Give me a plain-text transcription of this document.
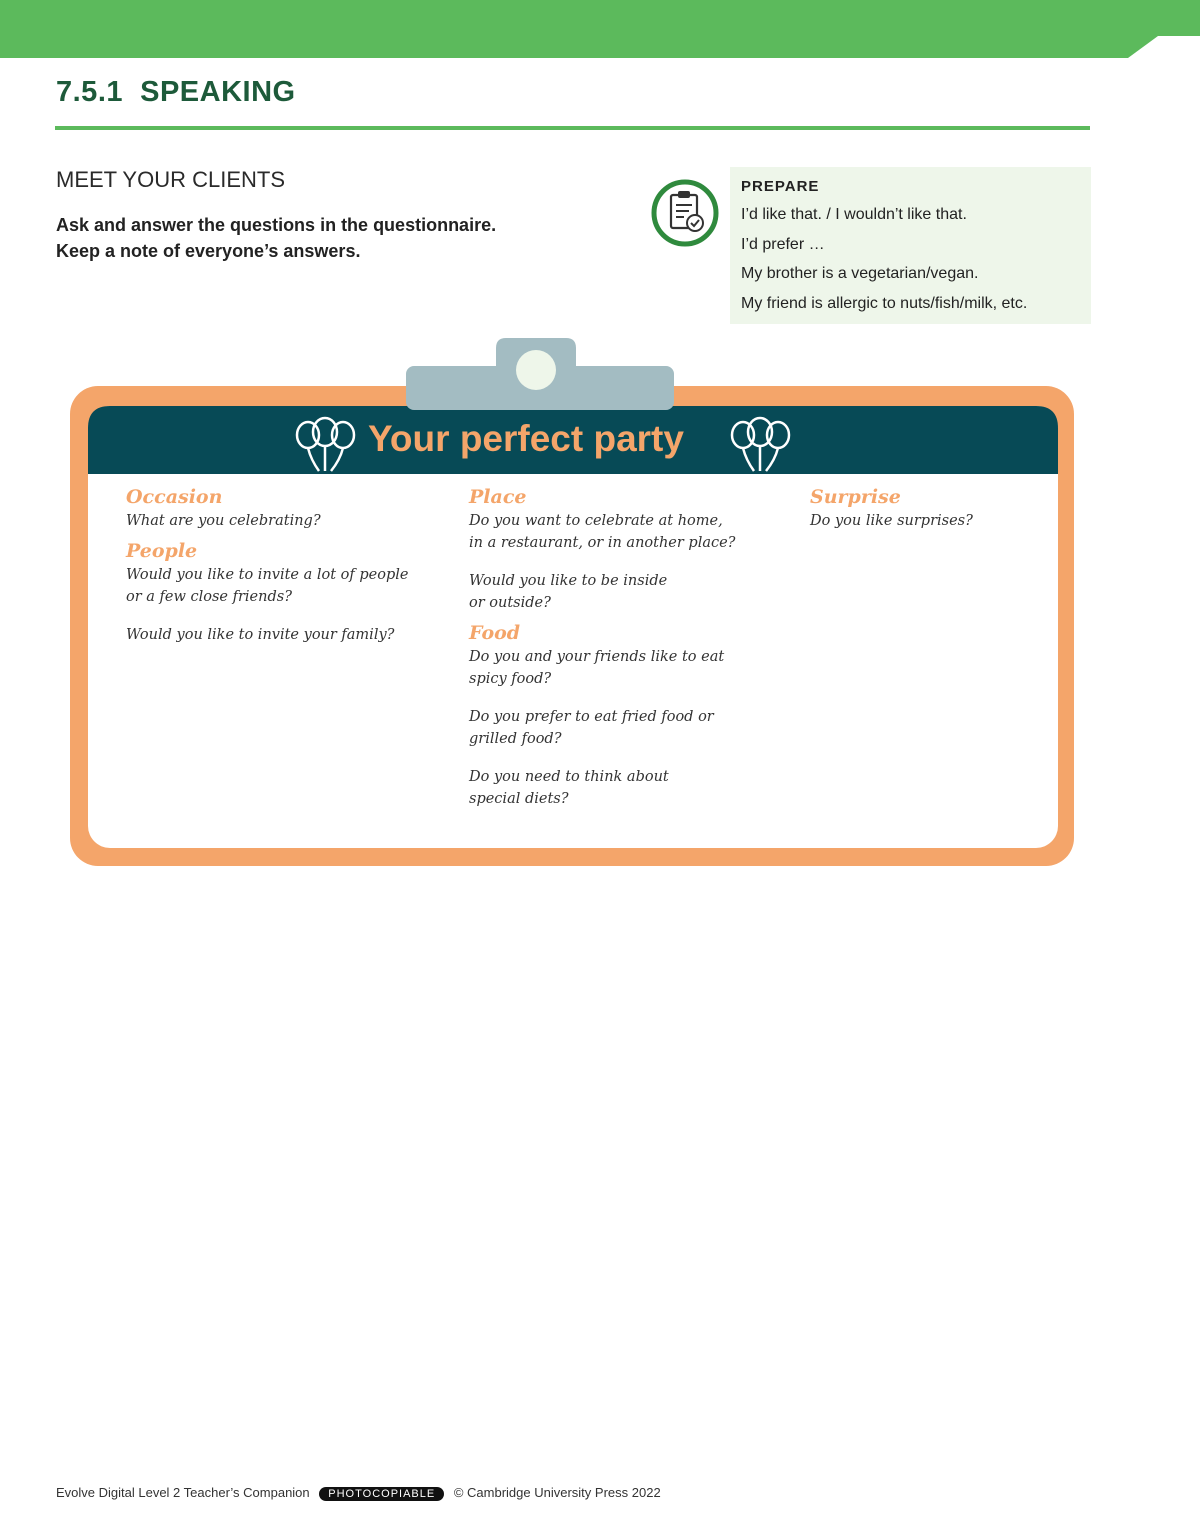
7.5.1 SPEAKING
MEET YOUR CLIENTS
Ask and answer the questions in the questionnaire.
Keep a note of everyone’s answers.
PREPARE
I’d like that. / I wouldn’t like that.
I’d prefer …
My brother is a vegetarian/vegan.
My friend is allergic to nuts/fish/milk, etc.
Your perfect party
Occasion
What are you celebrating?
People
Would you like to invite a lot of people
or a few close friends?
Would you like to invite your family?
Place
Do you want to celebrate at home,
in a restaurant, or in another place?
Would you like to be inside
or outside?
Food
Do you and your friends like to eat
spicy food?
Do you prefer to eat fried food or
grilled food?
Do you need to think about
special diets?
Surprise
Do you like surprises?
Evolve Digital Level 2 Teacher’s Companion PHOTOCOPIABLE © Cambridge University Press 2022
